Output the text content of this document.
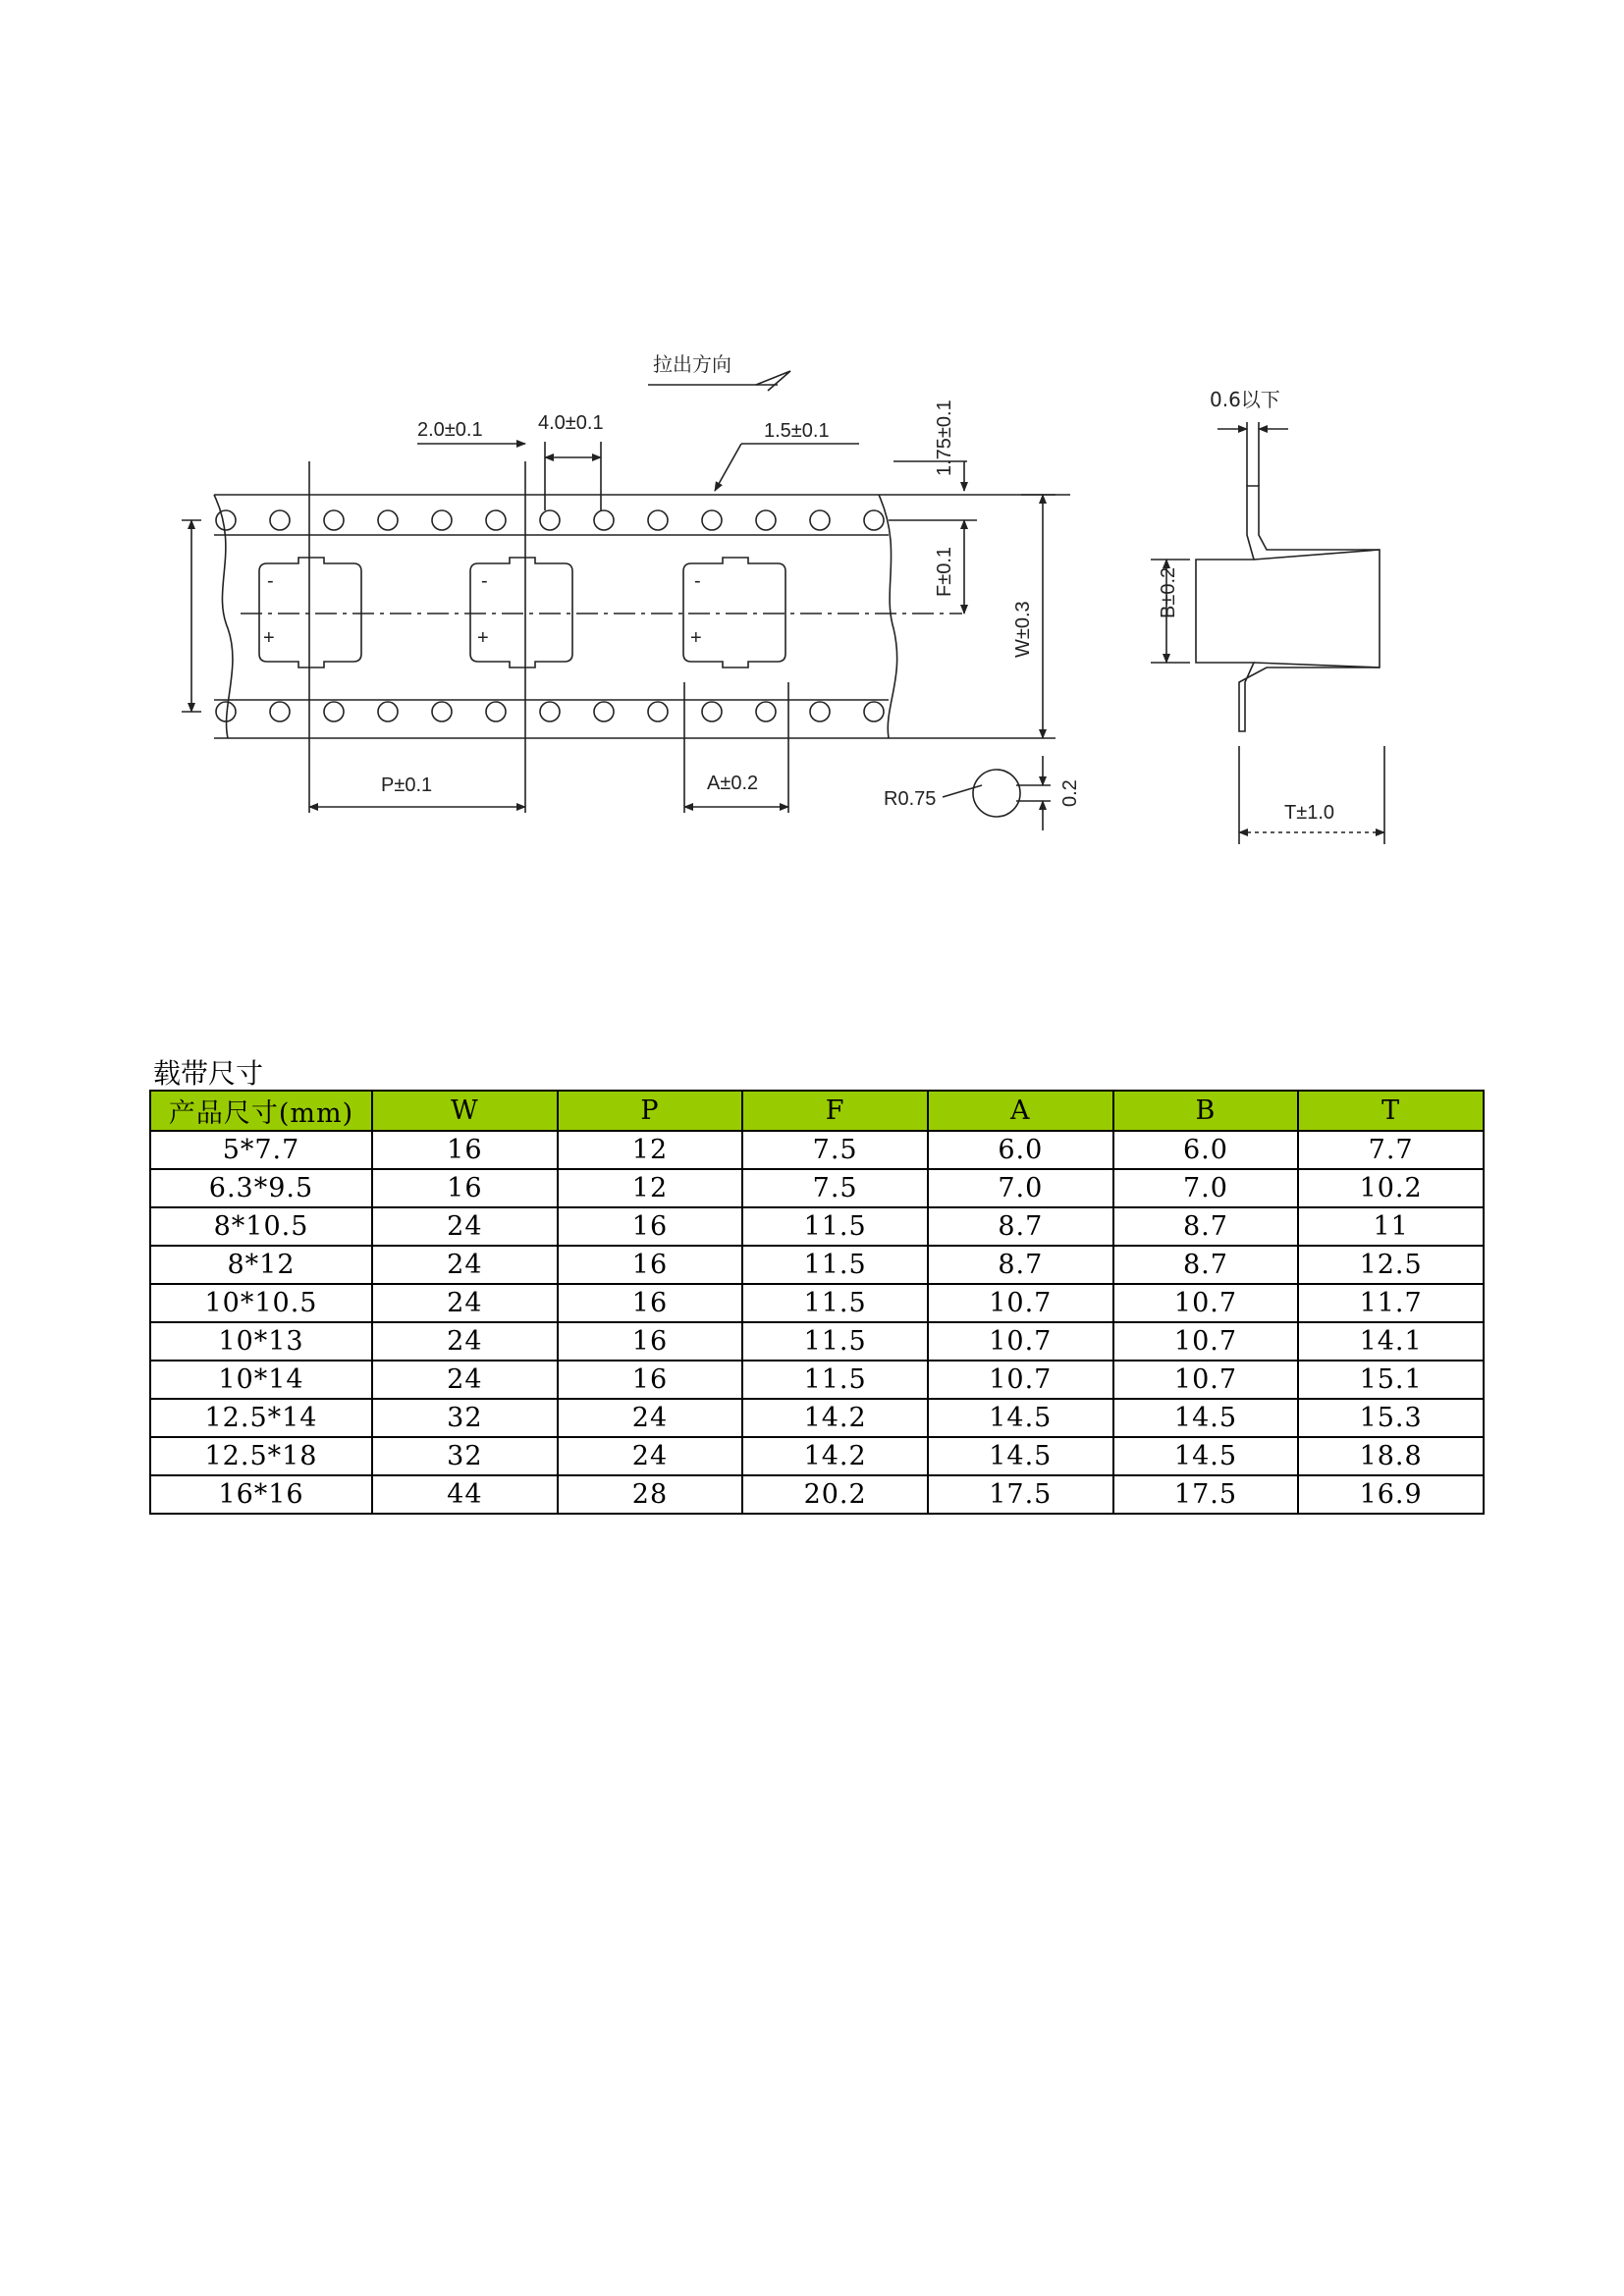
拉出方向
2.0±0.1	4.0±0.1	1.5±0.1	1.75±0.1
F±0.1
W±0.3
P±0.1	A±0.2
R0.75	0.2
0.6以下
B±0.2
T±1.0
-
+
-
+
-
+
载带尺寸
产品尺寸(mm)	W	P	F	A	B	T
5*7.7	16	12	7.5	6.0	6.0	7.7
6.3*9.5	16	12	7.5	7.0	7.0	10.2
8*10.5	24	16	11.5	8.7	8.7	11
8*12	24	16	11.5	8.7	8.7	12.5
10*10.5	24	16	11.5	10.7	10.7	11.7
10*13	24	16	11.5	10.7	10.7	14.1
10*14	24	16	11.5	10.7	10.7	15.1
12.5*14	32	24	14.2	14.5	14.5	15.3
12.5*18	32	24	14.2	14.5	14.5	18.8
16*16	44	28	20.2	17.5	17.5	16.9
